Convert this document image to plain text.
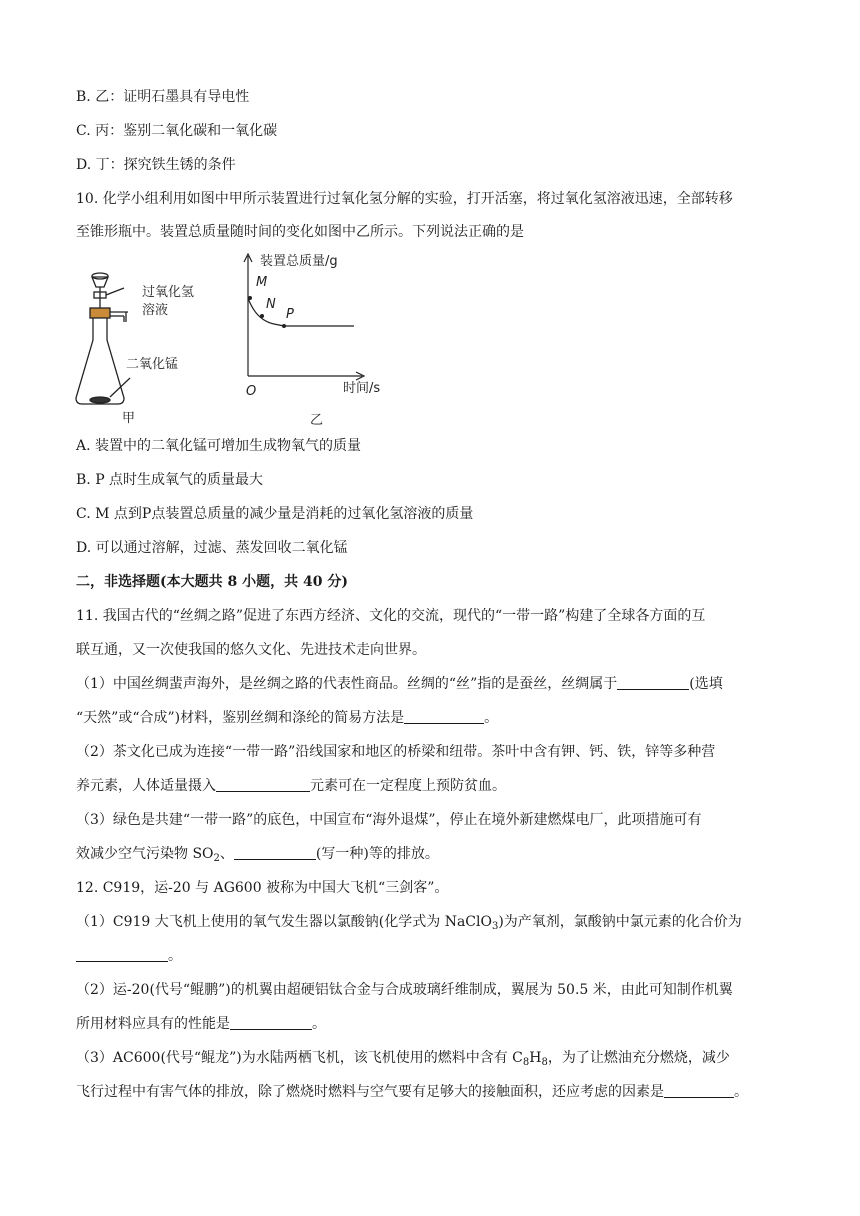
B. 乙：证明石墨具有导电性
C. 丙：鉴别二氧化碳和一氧化碳
D. 丁：探究铁生锈的条件
10. 化学小组利用如图中甲所示装置进行过氧化氢分解的实验，打开活塞，将过氧化氢溶液迅速，全部转移
至锥形瓶中。装置总质量随时间的变化如图中乙所示。下列说法正确的是
过氧化氢
溶液
二氧化锰
甲
装置总质量/g
时间/s
O
M
N
P
乙
A. 装置中的二氧化锰可增加生成物氧气的质量
B. P 点时生成氧气的质量最大
C. M 点到P点装置总质量的减少量是消耗的过氧化氢溶液的质量
D. 可以通过溶解，过滤、蒸发回收二氧化锰
二，非选择题(本大题共 8 小题，共 40 分)
11. 我国古代的“丝绸之路”促进了东西方经济、文化的交流，现代的“一带一路”构建了全球各方面的互
联互通，又一次使我国的悠久文化、先进技术走向世界。
（1）中国丝绸蜚声海外，是丝绸之路的代表性商品。丝绸的“丝”指的是蚕丝，丝绸属于	(选填
“天然”或“合成”)材料，鉴别丝绸和涤纶的简易方法是	。
（2）茶文化已成为连接“一带一路”沿线国家和地区的桥梁和纽带。茶叶中含有钾、钙、铁，锌等多种营
养元素，人体适量摄入	元素可在一定程度上预防贫血。
（3）绿色是共建“一带一路”的底色，中国宣布“海外退煤”，停止在境外新建燃煤电厂，此项措施可有
效减少空气污染物 $SO_2$、	(写一种)等的排放。
12. C919，运-20 与 AG600 被称为中国大飞机“三剑客”。
（1）C919 大飞机上使用的氧气发生器以氯酸钠(化学式为 NaClO$_3$)为产氧剂，氯酸钠中氯元素的化合价为
。
（2）运-20(代号“鲲鹏”)的机翼由超硬铝钛合金与合成玻璃纤维制成，翼展为 50.5 米，由此可知制作机翼
所用材料应具有的性能是	。
（3）AC600(代号“鲲龙”)为水陆两栖飞机，该飞机使用的燃料中含有 $C_8H_8$，为了让燃油充分燃烧，减少
飞行过程中有害气体的排放，除了燃烧时燃料与空气要有足够大的接触面积，还应考虑的因素是	。
